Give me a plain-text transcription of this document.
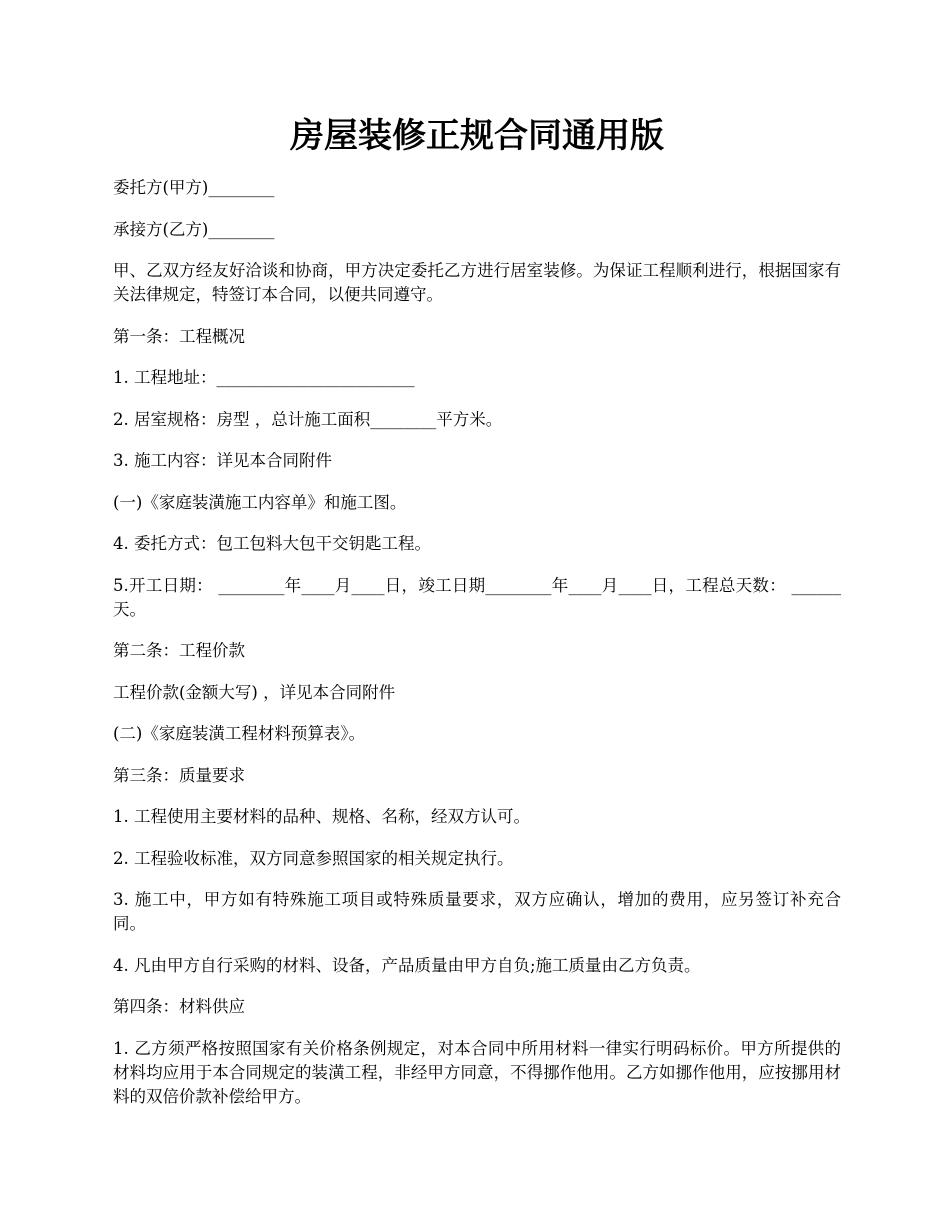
房屋装修正规合同通用版

委托方(甲方)________

承接方(乙方)________

甲、乙双方经友好洽谈和协商，甲方决定委托乙方进行居室装修。为保证工程顺利进行，根据国家有关法律规定，特签订本合同，以便共同遵守。

第一条：工程概况

1. 工程地址：________________________

2. 居室规格：房型 ，总计施工面积________平方米。

3. 施工内容：详见本合同附件

(一)《家庭装潢施工内容单》和施工图。

4. 委托方式：包工包料大包干交钥匙工程。

5.开工日期： ________年____月____日，竣工日期________年____月____日，工程总天数： ______天。

第二条：工程价款

工程价款(金额大写) ，详见本合同附件

(二)《家庭装潢工程材料预算表》。

第三条：质量要求

1. 工程使用主要材料的品种、规格、名称，经双方认可。

2. 工程验收标准，双方同意参照国家的相关规定执行。

3. 施工中，甲方如有特殊施工项目或特殊质量要求，双方应确认，增加的费用，应另签订补充合同。

4. 凡由甲方自行采购的材料、设备，产品质量由甲方自负;施工质量由乙方负责。

第四条：材料供应

1. 乙方须严格按照国家有关价格条例规定，对本合同中所用材料一律实行明码标价。甲方所提供的材料均应用于本合同规定的装潢工程，非经甲方同意，不得挪作他用。乙方如挪作他用，应按挪用材料的双倍价款补偿给甲方。
